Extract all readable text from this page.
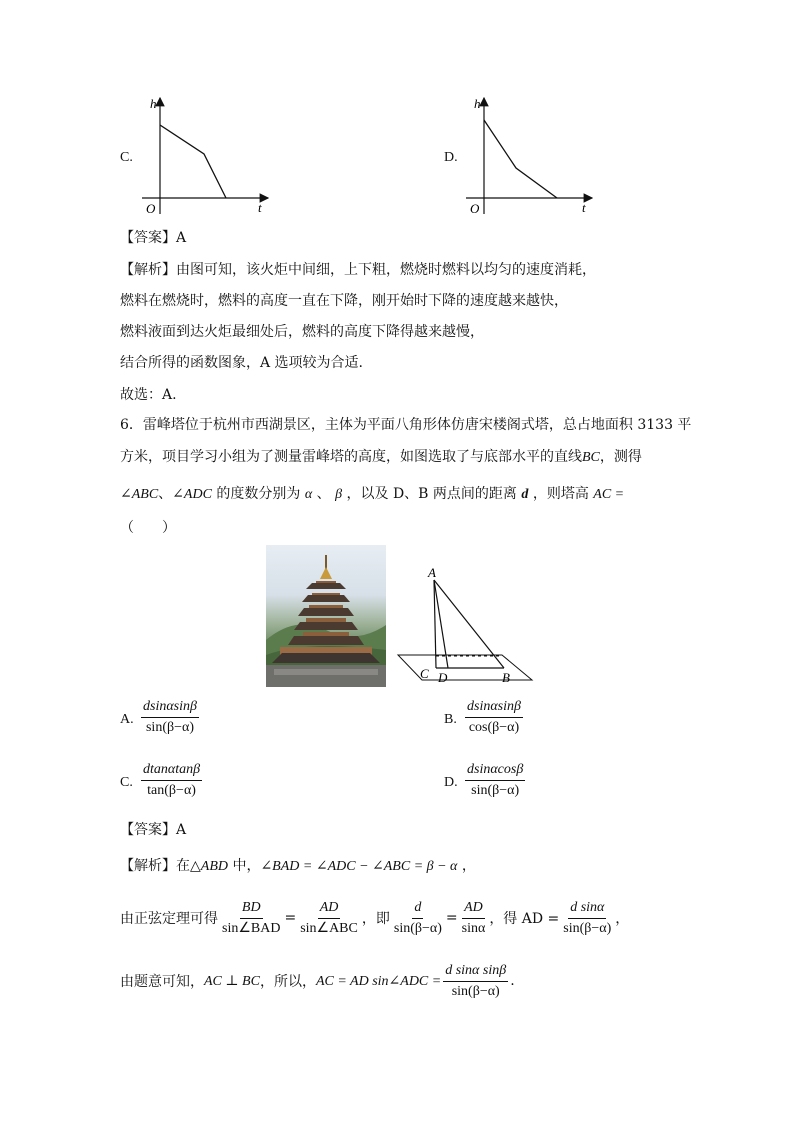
C.
h
t
O
D.
h
t
O
【答案】A
【解析】由图可知，该火炬中间细，上下粗，燃烧时燃料以均匀的速度消耗，
燃料在燃烧时，燃料的高度一直在下降，刚开始时下降的速度越来越快，
燃料液面到达火炬最细处后，燃料的高度下降得越来越慢，
结合所得的函数图象，A 选项较为合适.
故选：A.
6．雷峰塔位于杭州市西湖景区，主体为平面八角形体仿唐宋楼阁式塔，总占地面积 3133 平
方米，项目学习小组为了测量雷峰塔的高度，如图选取了与底部水平的直线BC，测得
∠ABC、∠ADC 的度数分别为 α 、 β ，以及 D、B 两点间的距离 d ，则塔高 AC =
（　　）
A
C D	B
A. $\frac{dsin\alpha\sin\beta}{\sin(\beta-\alpha)}$	B. $\frac{dsin\alpha\sin\beta}{\cos(\beta-\alpha)}$
C. $\frac{dtan\alpha\tan\beta}{\tan(\beta-\alpha)}$	D. $\frac{dsin\alpha\cos\beta}{\sin(\beta-\alpha)}$
【答案】A
【解析】在△ABD 中，∠BAD = ∠ADC − ∠ABC = β − α ，
由正弦定理可得 $\frac{BD}{\text{sin∠BAD}} = \frac{AD}{\text{sin∠ABC}}$ ，即 $\frac{d}{\sin(\beta-\alpha)} = \frac{AD}{\sin\alpha}$ ，得 AD = $\frac{\text{d sinα}}{\sin(\beta-\alpha)}$ ，
由题意可知， AC ⊥ BC ，所以， AC = AD sin∠ADC = $\frac{\text{d sinα sinβ}}{\sin(\beta-\alpha)}$ .
